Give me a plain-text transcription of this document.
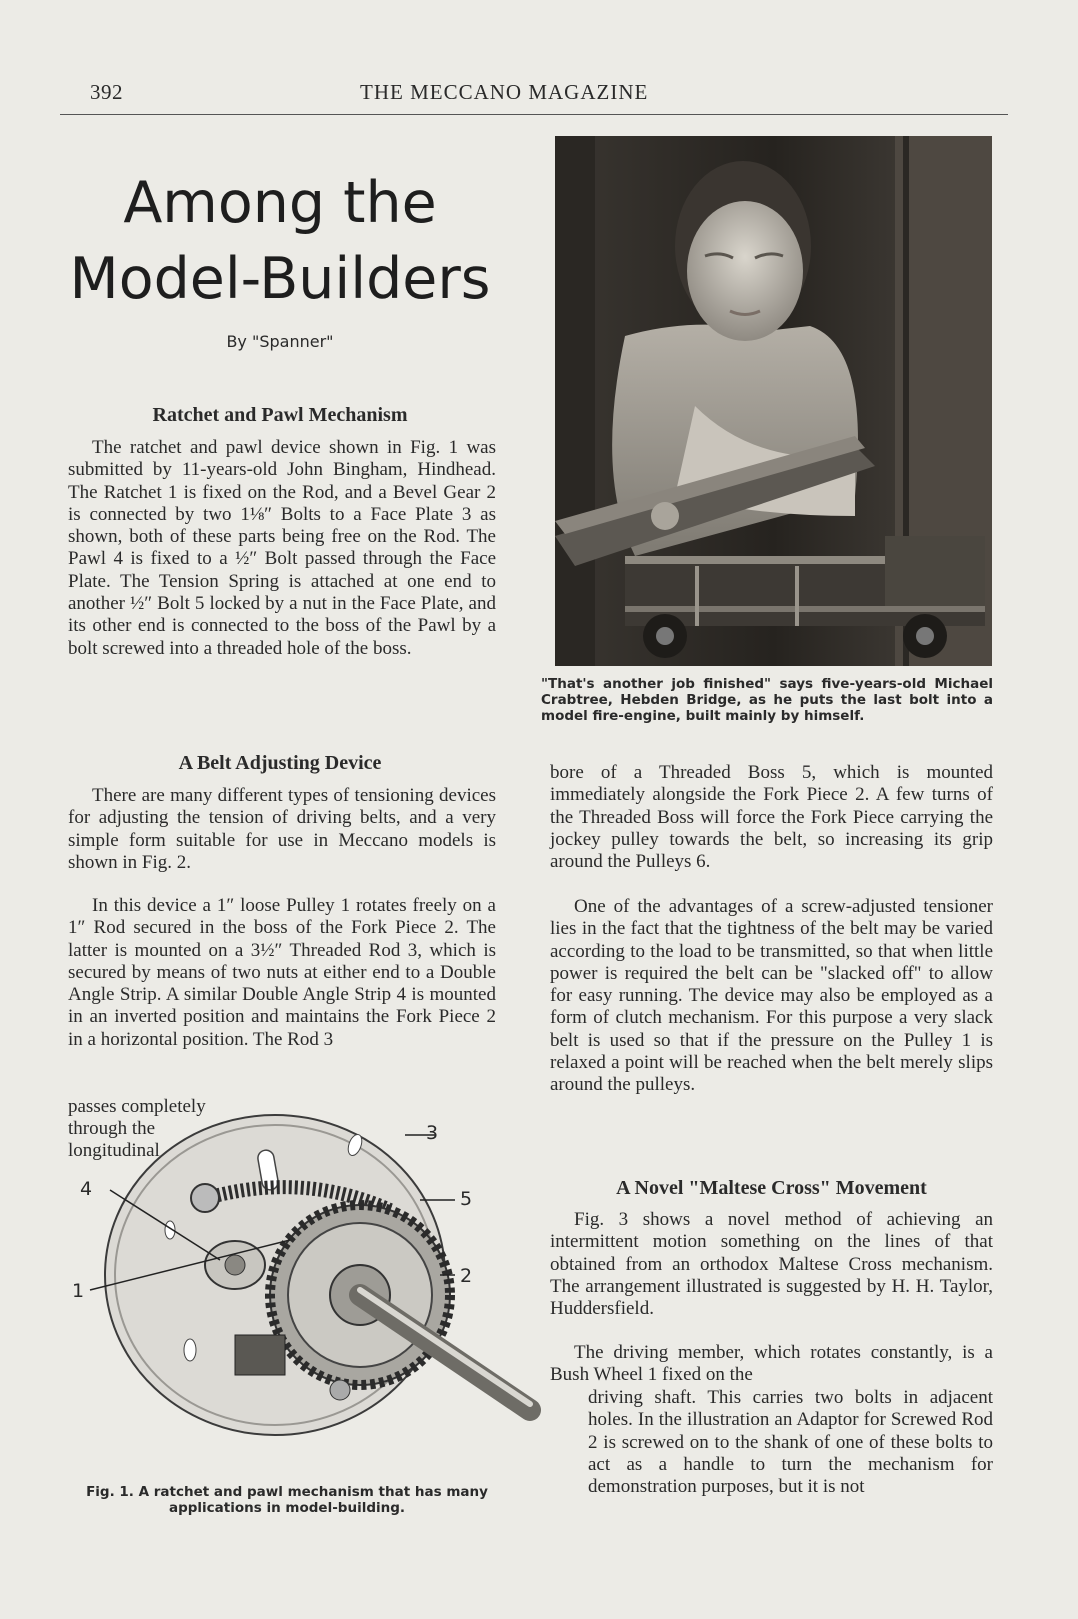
392	THE MECCANO MAGAZINE
Among the
Model-Builders
By "Spanner"
Ratchet and Pawl Mechanism

The ratchet and pawl device shown in Fig. 1 was submitted by 11-years-old John Bingham, Hindhead. The Ratchet 1 is fixed on the Rod, and a Bevel Gear 2 is connected by two 1⅛″ Bolts to a Face Plate 3 as shown, both of these parts being free on the Rod. The Pawl 4 is fixed to a ½″ Bolt passed through the Face Plate. The Tension Spring is attached at one end to another ½″ Bolt 5 locked by a nut in the Face Plate, and its other end is connected to the boss of the Pawl by a bolt screwed into a threaded hole of the boss.

A Belt Adjusting Device

There are many different types of tensioning devices for adjusting the tension of driving belts, and a very simple form suitable for use in Meccano models is shown in Fig. 2.

In this device a 1″ loose Pulley 1 rotates freely on a 1″ Rod secured in the boss of the Fork Piece 2. The latter is mounted on a 3½″ Threaded Rod 3, which is secured by means of two nuts at either end to a Double Angle Strip. A similar Double Angle Strip 4 is mounted in an inverted position and maintains the Fork Piece 2 in a horizontal position. The Rod 3

passes completely
through the
longitudinal
"That's another job finished" says five-years-old Michael Crabtree, Hebden Bridge, as he puts the last bolt into a model fire-engine, built mainly by himself.

bore of a Threaded Boss 5, which is mounted immediately alongside the Fork Piece 2. A few turns of the Threaded Boss will force the Fork Piece carrying the jockey pulley towards the belt, so increasing its grip around the Pulleys 6.

One of the advantages of a screw-adjusted tensioner lies in the fact that the tightness of the belt may be varied according to the load to be transmitted, so that when little power is required the belt can be "slacked off" to allow for easy running. The device may also be employed as a form of clutch mechanism. For this purpose a very slack belt is used so that if the pressure on the Pulley 1 is relaxed a point will be reached when the belt merely slips around the pulleys.

A Novel "Maltese Cross" Movement

Fig. 3 shows a novel method of achieving an intermittent motion something on the lines of that obtained from an orthodox Maltese Cross mechanism. The arrangement illustrated is suggested by H. H. Taylor, Huddersfield.

The driving member, which rotates constantly, is a Bush Wheel 1 fixed on the

driving shaft. This carries two bolts in adjacent holes. In the illustration an Adaptor for Screwed Rod 2 is screwed on to the shank of one of these bolts to act as a handle to turn the mechanism for demonstration purposes, but it is not

3
4	5
2
1
Fig. 1. A ratchet and pawl mechanism that has many applications in model-building.
